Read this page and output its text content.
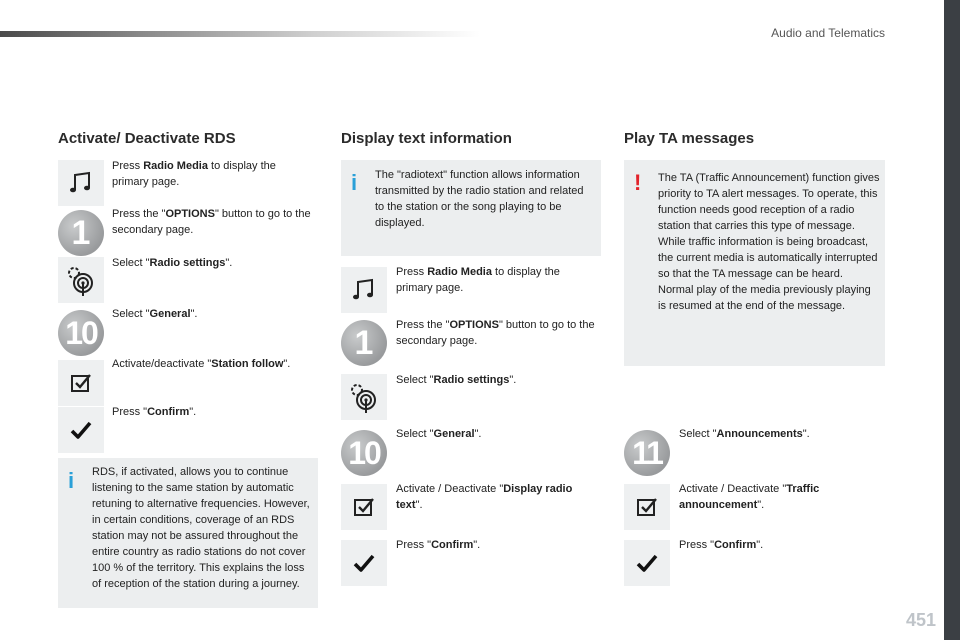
Audio and Telematics
Activate/ Deactivate RDS
Press Radio Media to display the primary page.
1	Press the "OPTIONS" button to go to the secondary page.
Select "Radio settings".
10
Select "General".
Activate/deactivate "Station follow".
Press "Confirm".
i RDS, if activated, allows you to continue listening to the same station by automatic retuning to alternative frequencies. However, in certain conditions, coverage of an RDS station may not be assured throughout the entire country as radio stations do not cover 100 % of the territory. This explains the loss of reception of the station during a journey.
Display text information
i The "radiotext" function allows information transmitted by the radio station and related to the station or the song playing to be displayed.
Press Radio Media to display the primary page.
1	Press the "OPTIONS" button to go to the secondary page.
Select "Radio settings".
10
Select "General".
Activate / Deactivate "Display radio text".
Press "Confirm".
Play TA messages
! The TA (Traffic Announcement) function gives priority to TA alert messages. To operate, this function needs good reception of a radio station that carries this type of message. While traffic information is being broadcast, the current media is automatically interrupted so that the TA message can be heard. Normal play of the media previously playing is resumed at the end of the message.
11
Select "Announcements".
Activate / Deactivate "Traffic announcement".
Press "Confirm".
451
